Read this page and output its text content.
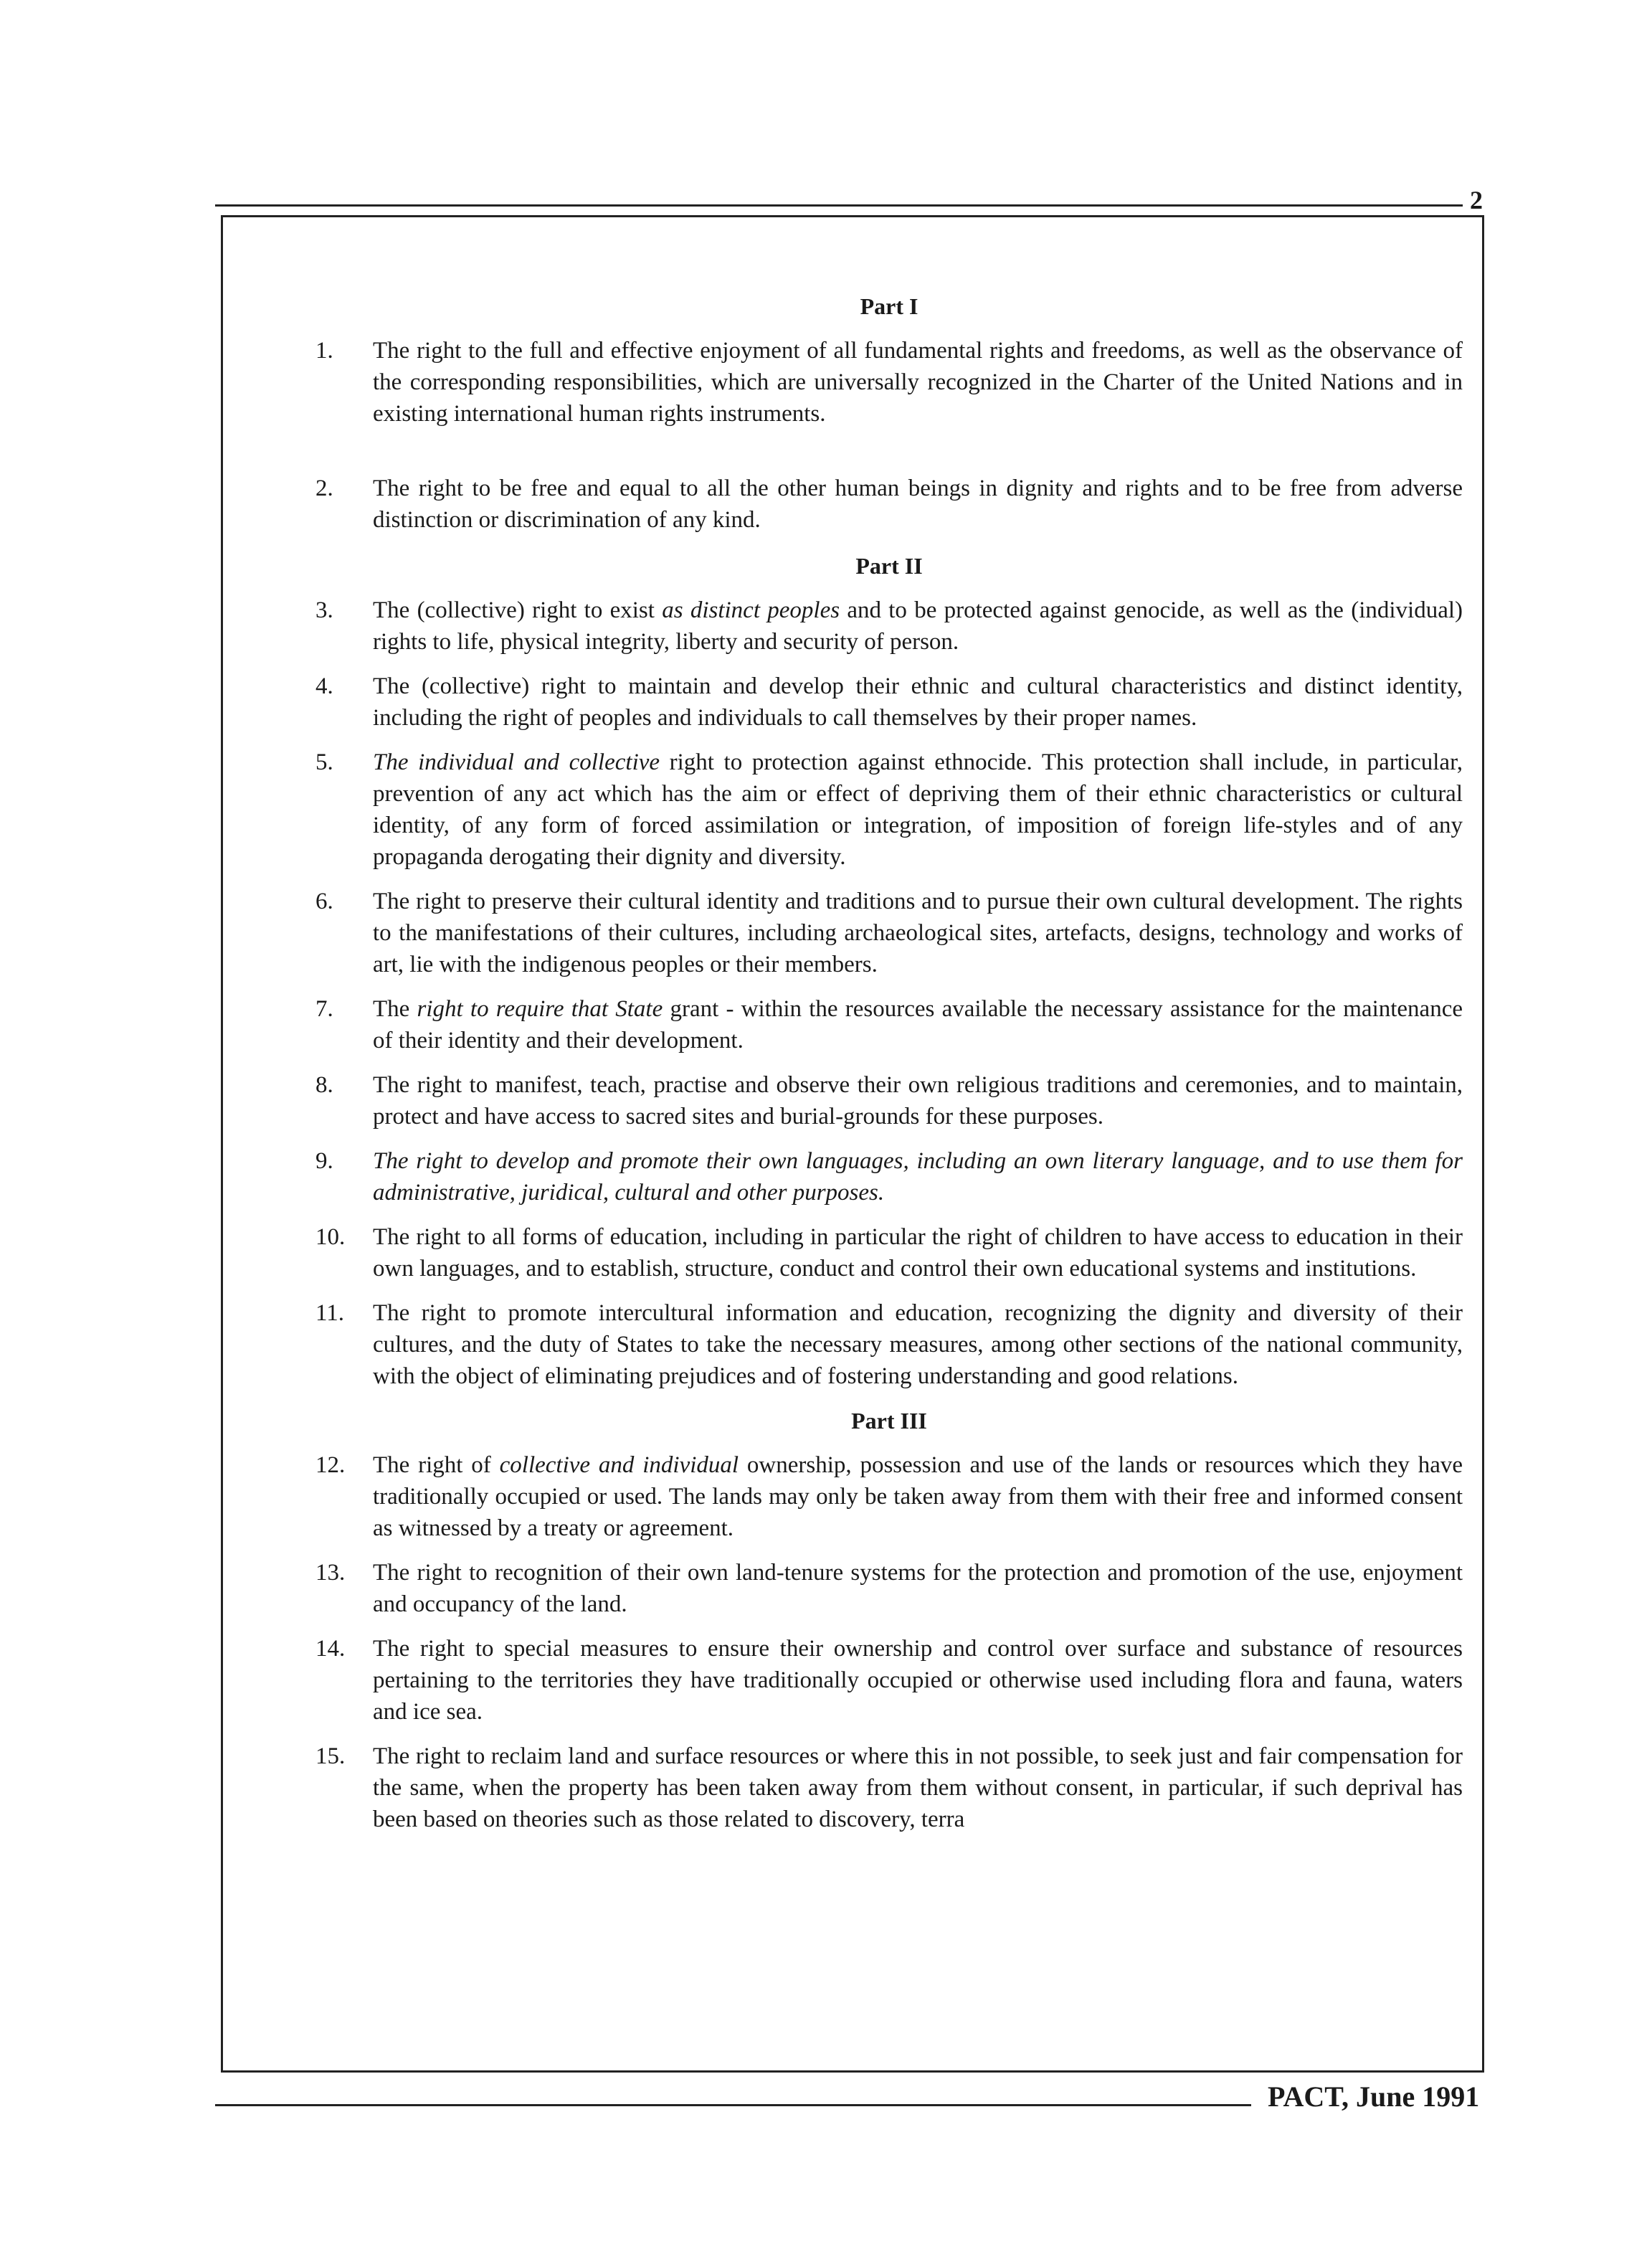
2
Part I
1.	The right to the full and effective enjoyment of all fundamental rights and freedoms, as well as the observance of the corresponding responsibilities, which are universally recognized in the Charter of the United Nations and in existing international human rights instruments.
2.	The right to be free and equal to all the other human beings in dignity and rights and to be free from adverse distinction or discrimination of any kind.
Part II
3.	The (collective) right to exist as distinct peoples and to be protected against genocide, as well as the (individual) rights to life, physical integrity, liberty and security of person.
4.	The (collective) right to maintain and develop their ethnic and cultural characteristics and distinct identity, including the right of peoples and individuals to call themselves by their proper names.
5.	The individual and collective right to protection against ethnocide. This protection shall include, in particular, prevention of any act which has the aim or effect of depriving them of their ethnic characteristics or cultural identity, of any form of forced assimilation or integration, of imposition of foreign life-styles and of any propaganda derogating their dignity and diversity.
6.	The right to preserve their cultural identity and traditions and to pursue their own cultural development. The rights to the manifestations of their cultures, including archaeological sites, artefacts, designs, technology and works of art, lie with the indigenous peoples or their members.
7.	The right to require that State grant - within the resources available the necessary assistance for the maintenance of their identity and their development.
8.	The right to manifest, teach, practise and observe their own religious traditions and ceremonies, and to maintain, protect and have access to sacred sites and burial-grounds for these purposes.
9.	The right to develop and promote their own languages, including an own literary language, and to use them for administrative, juridical, cultural and other purposes.
10.	The right to all forms of education, including in particular the right of children to have access to education in their own languages, and to establish, structure, conduct and control their own educational systems and institutions.
11.	The right to promote intercultural information and education, recognizing the dignity and diversity of their cultures, and the duty of States to take the necessary measures, among other sections of the national community, with the object of eliminating prejudices and of fostering understanding and good relations.
Part III
12.	The right of collective and individual ownership, possession and use of the lands or resources which they have traditionally occupied or used. The lands may only be taken away from them with their free and informed consent as witnessed by a treaty or agreement.
13.	The right to recognition of their own land-tenure systems for the protection and promotion of the use, enjoyment and occupancy of the land.
14.	The right to special measures to ensure their ownership and control over surface and substance of resources pertaining to the territories they have traditionally occupied or otherwise used including flora and fauna, waters and ice sea.
15.	The right to reclaim land and surface resources or where this in not possible, to seek just and fair compensation for the same, when the property has been taken away from them without consent, in particular, if such deprival has been based on theories such as those related to discovery, terra
PACT, June 1991
